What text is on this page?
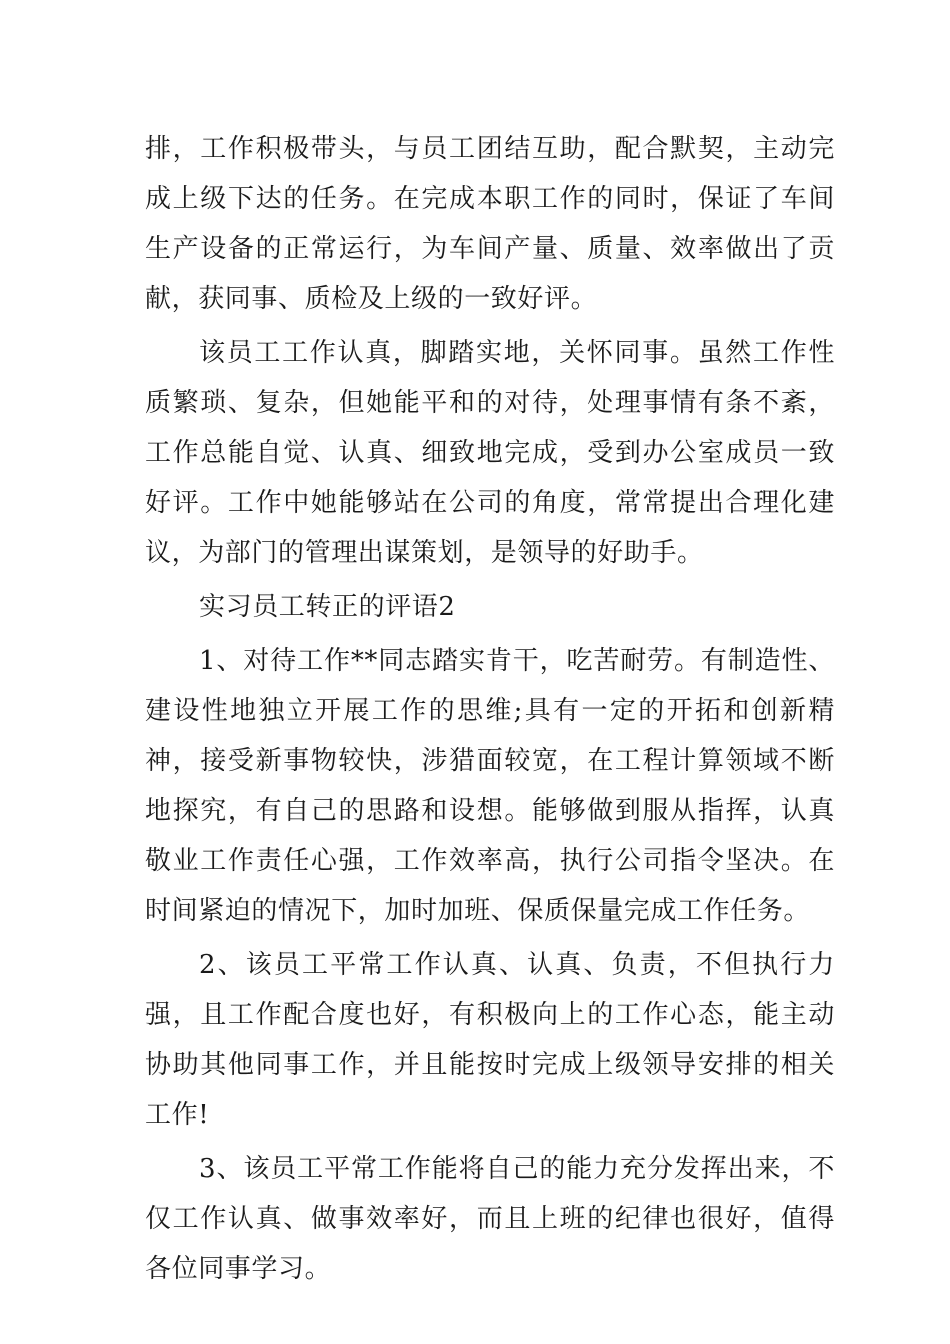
排，工作积极带头，与员工团结互助，配合默契，主动完成上级下达的任务。在完成本职工作的同时，保证了车间生产设备的正常运行，为车间产量、质量、效率做出了贡献，获同事、质检及上级的一致好评。

该员工工作认真，脚踏实地，关怀同事。虽然工作性质繁琐、复杂，但她能平和的对待，处理事情有条不紊，工作总能自觉、认真、细致地完成，受到办公室成员一致好评。工作中她能够站在公司的角度，常常提出合理化建议，为部门的管理出谋策划，是领导的好助手。

实习员工转正的评语2

1、对待工作**同志踏实肯干，吃苦耐劳。有制造性、建设性地独立开展工作的思维;具有一定的开拓和创新精神，接受新事物较快，涉猎面较宽，在工程计算领域不断地探究，有自己的思路和设想。能够做到服从指挥，认真敬业工作责任心强，工作效率高，执行公司指令坚决。在时间紧迫的情况下，加时加班、保质保量完成工作任务。

2、该员工平常工作认真、认真、负责，不但执行力强，且工作配合度也好，有积极向上的工作心态，能主动协助其他同事工作，并且能按时完成上级领导安排的相关工作!

3、该员工平常工作能将自己的能力充分发挥出来，不仅工作认真、做事效率好，而且上班的纪律也很好，值得各位同事学习。
